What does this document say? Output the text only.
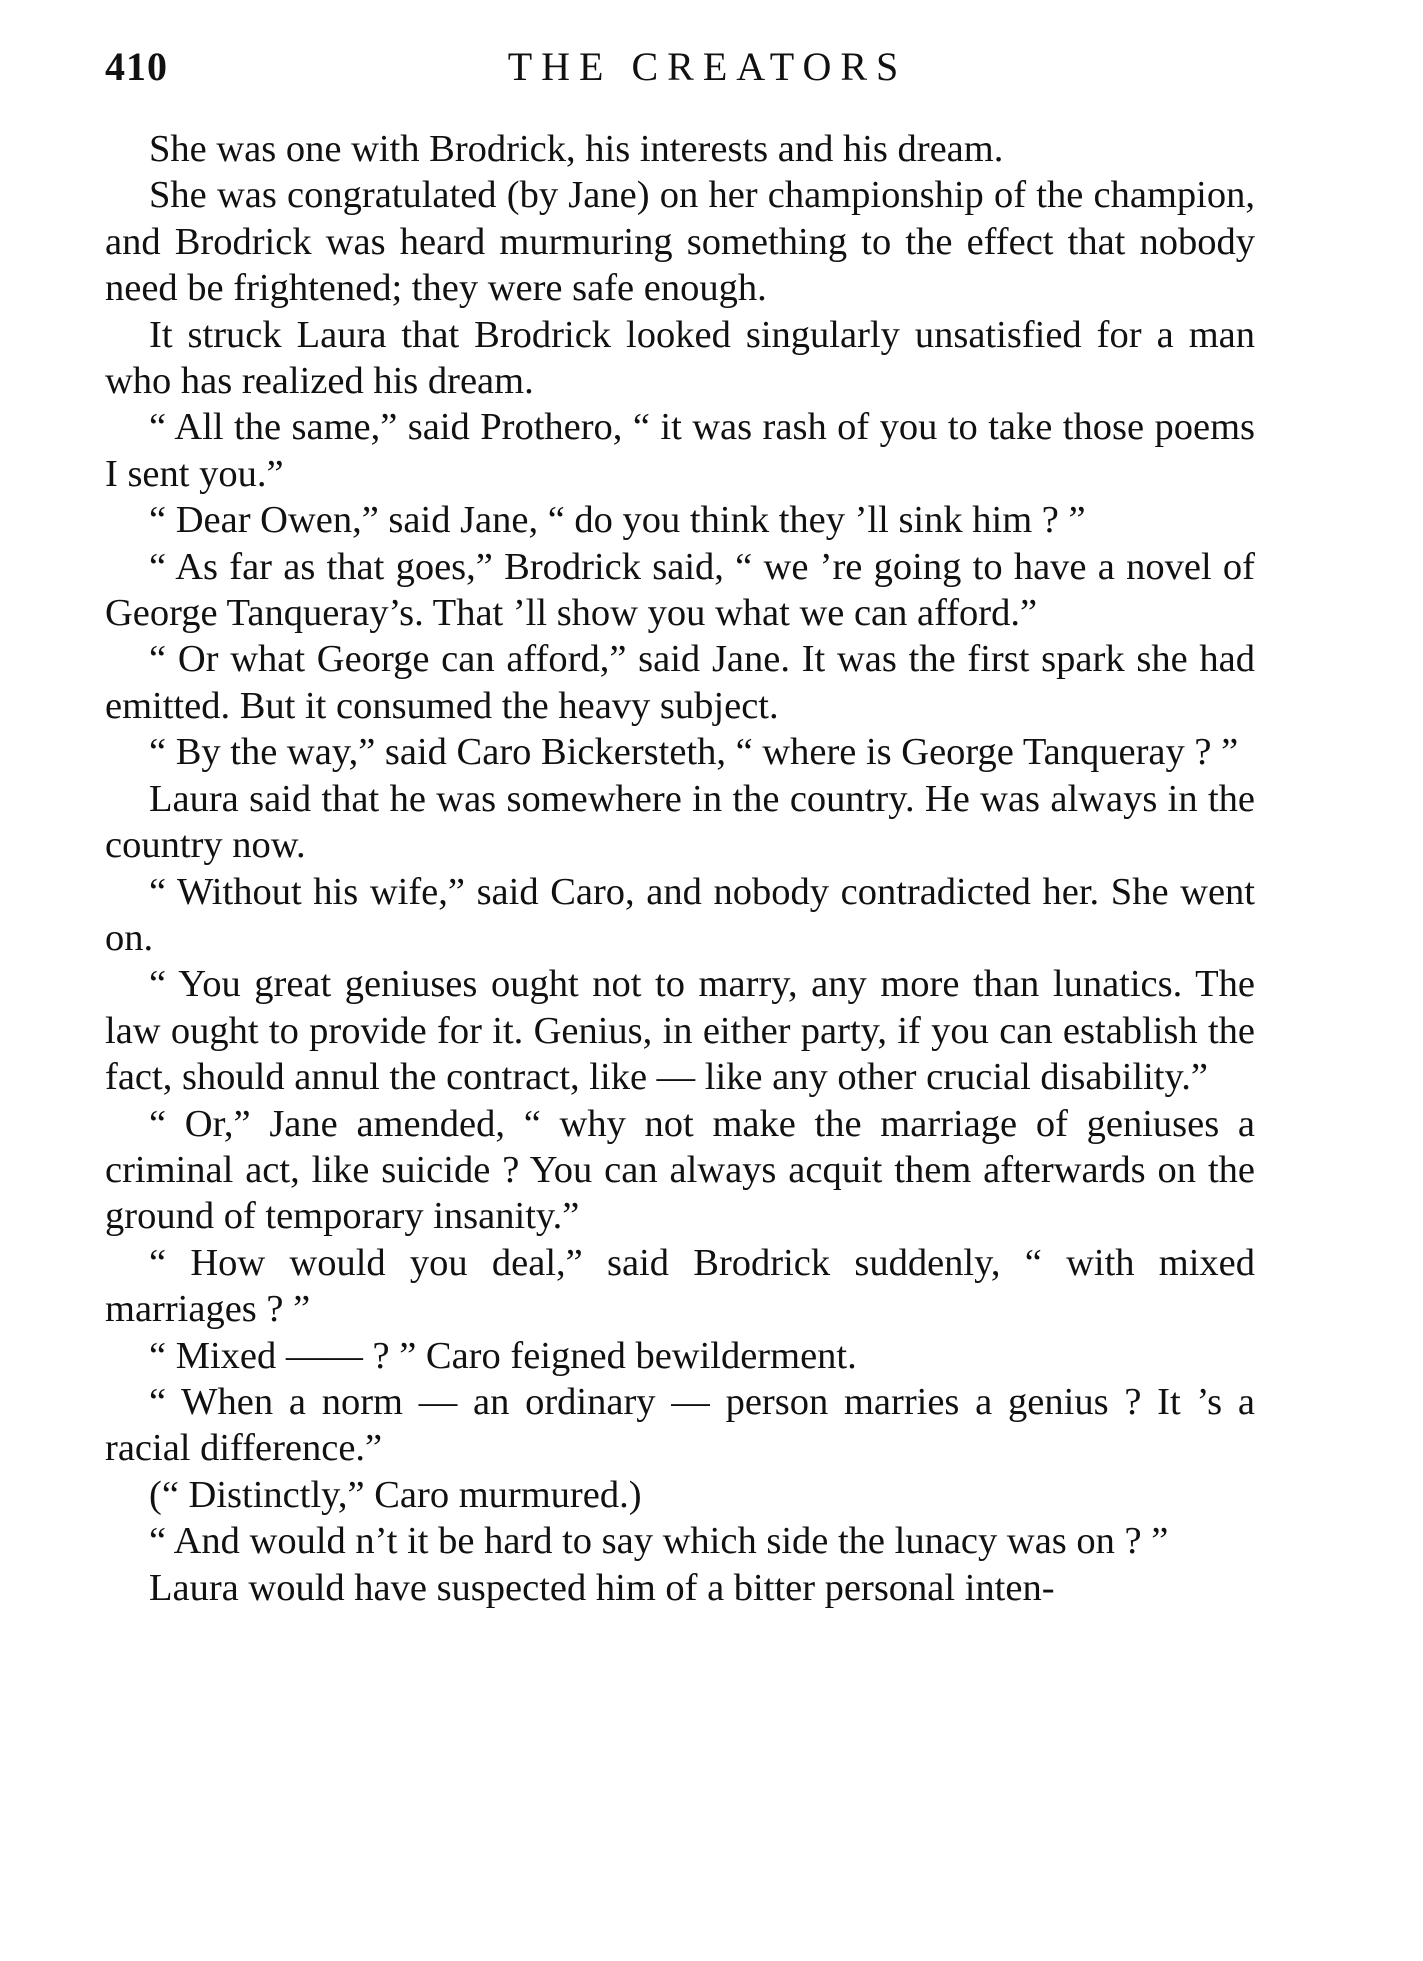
410	THE CREATORS

She was one with Brodrick, his interests and his dream.

She was congratulated (by Jane) on her championship of the champion, and Brodrick was heard murmuring something to the effect that nobody need be frightened; they were safe enough.

It struck Laura that Brodrick looked singularly unsatisfied for a man who has realized his dream.

“ All the same,” said Prothero, “ it was rash of you to take those poems I sent you.”

“ Dear Owen,” said Jane, “ do you think they ’ll sink him ? ”

“ As far as that goes,” Brodrick said, “ we ’re going to have a novel of George Tanqueray’s. That ’ll show you what we can afford.”

“ Or what George can afford,” said Jane. It was the first spark she had emitted. But it consumed the heavy subject.

“ By the way,” said Caro Bickersteth, “ where is George Tanqueray ? ”

Laura said that he was somewhere in the country. He was always in the country now.

“ Without his wife,” said Caro, and nobody contradicted her. She went on.

“ You great geniuses ought not to marry, any more than lunatics. The law ought to provide for it. Genius, in either party, if you can establish the fact, should annul the contract, like — like any other crucial disability.”

“ Or,” Jane amended, “ why not make the marriage of geniuses a criminal act, like suicide ? You can always acquit them afterwards on the ground of temporary insanity.”

“ How would you deal,” said Brodrick suddenly, “ with mixed marriages ? ”

“ Mixed —— ? ” Caro feigned bewilderment.

“ When a norm — an ordinary — person marries a genius ? It ’s a racial difference.”

(“ Distinctly,” Caro murmured.)

“ And would n’t it be hard to say which side the lunacy was on ? ”

Laura would have suspected him of a bitter personal inten-
